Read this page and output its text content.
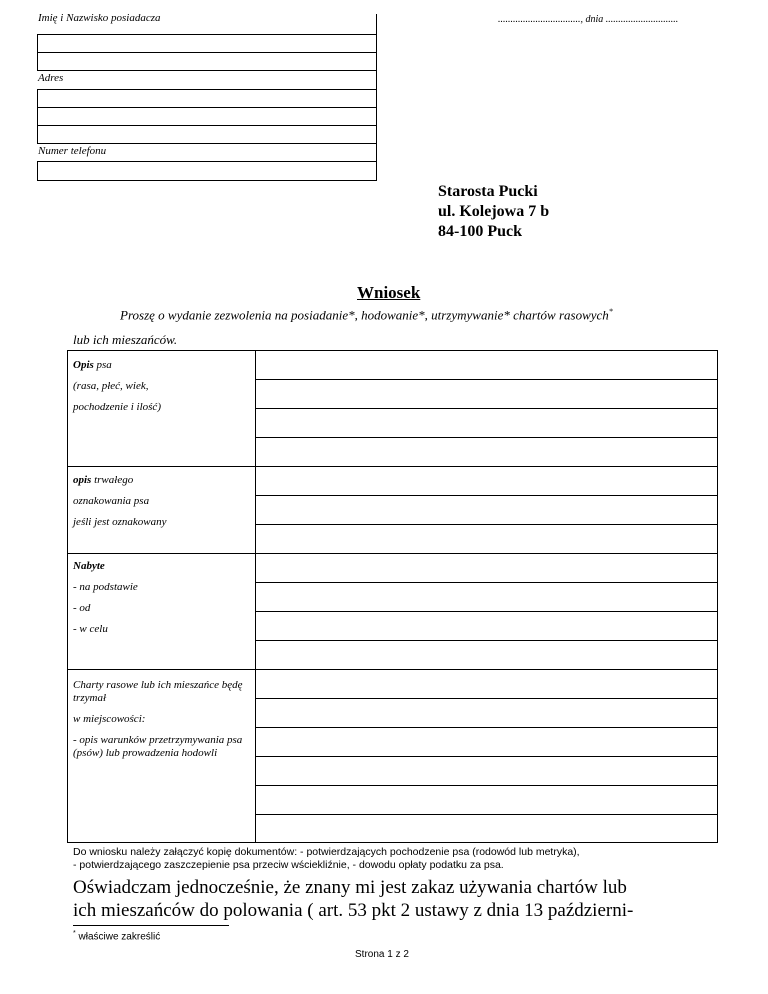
Imię i Nazwisko posiadacza	................................., dnia .............................
Adres
Numer telefonu
Starosta Pucki
ul. Kolejowa 7 b
84-100 Puck
Wniosek
Proszę o wydanie zezwolenia na posiadanie*, hodowanie*, utrzymywanie* chartów rasowych*
lub ich mieszańców.
Opis psa
(rasa, płeć, wiek,
pochodzenie i ilość)
opis trwałego
oznakowania psa
jeśli jest oznakowany
Nabyte
- na podstawie
- od
- w celu
Charty rasowe lub ich mieszańce będę trzymał
w miejscowości:
- opis warunków przetrzymywania psa (psów) lub prowadzenia hodowli
Do wniosku należy załączyć kopię dokumentów: - potwierdzających pochodzenie psa (rodowód lub metryka),
- potwierdzającego zaszczepienie psa przeciw wściekliźnie, - dowodu opłaty podatku za psa.
Oświadczam jednocześnie, że znany mi jest zakaz używania chartów lub
ich mieszańców do polowania ( art. 53 pkt 2 ustawy z dnia 13 październi-
* właściwe zakreślić
Strona 1 z 2
